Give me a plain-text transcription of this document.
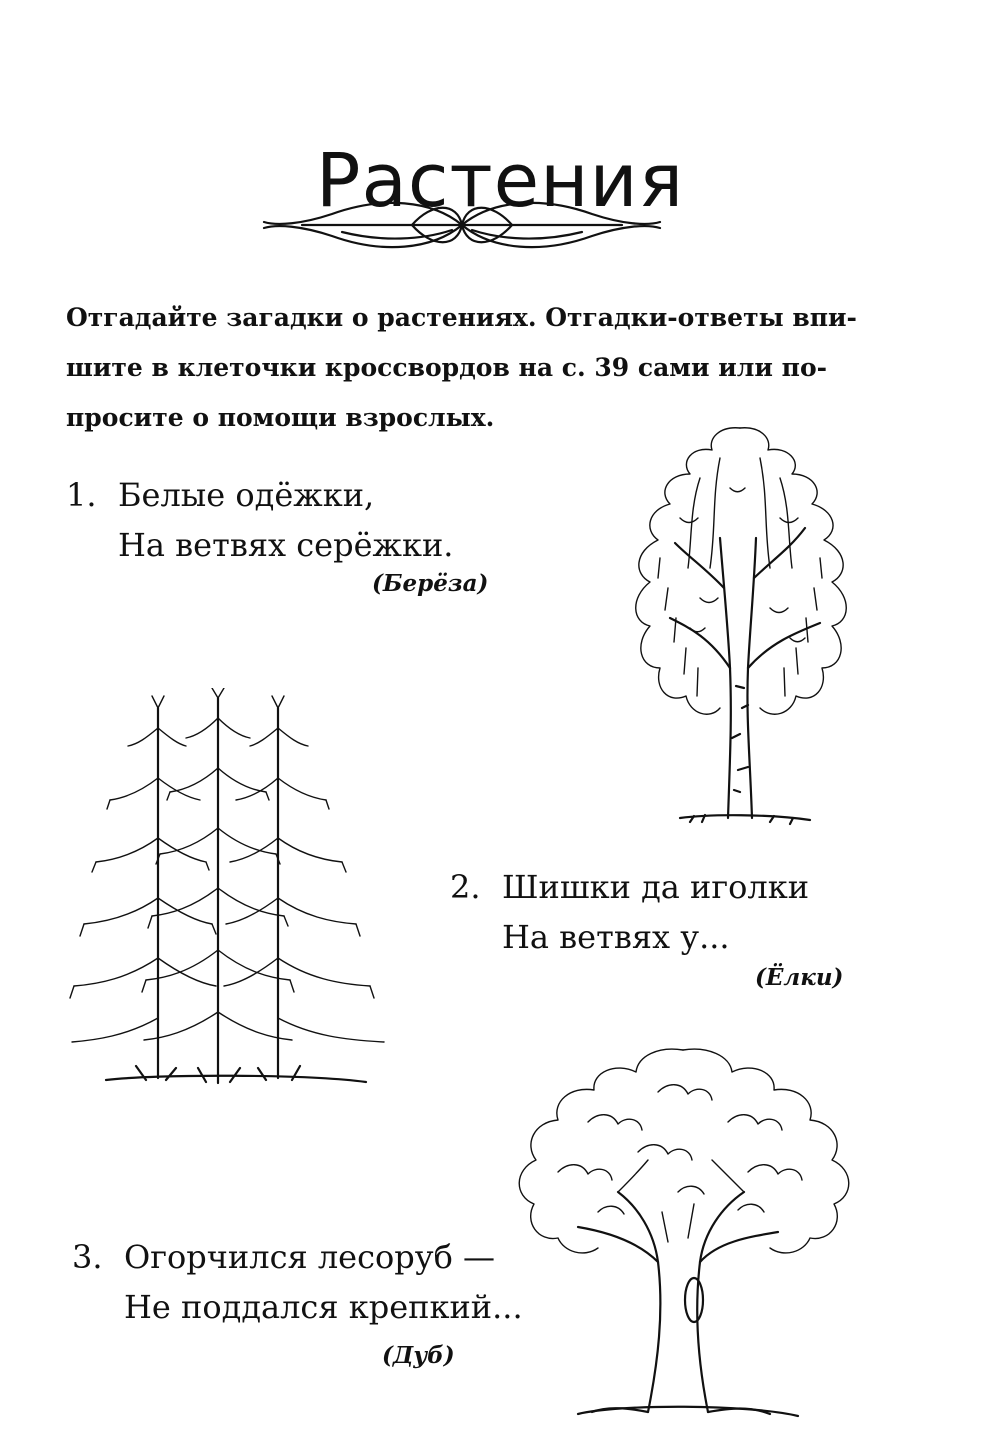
Растения
Отгадайте загадки о растениях. Отгадки-ответы впи-
шите в клеточки кроссвордов на с. 39 сами или по-
просите о помощи взрослых.
1. Белые одёжки,
На ветвях серёжки.
(Берёза)
2. Шишки да иголки
На ветвях у...
(Ёлки)
3. Огорчился лесоруб —
Не поддался крепкий...
(Дуб)
